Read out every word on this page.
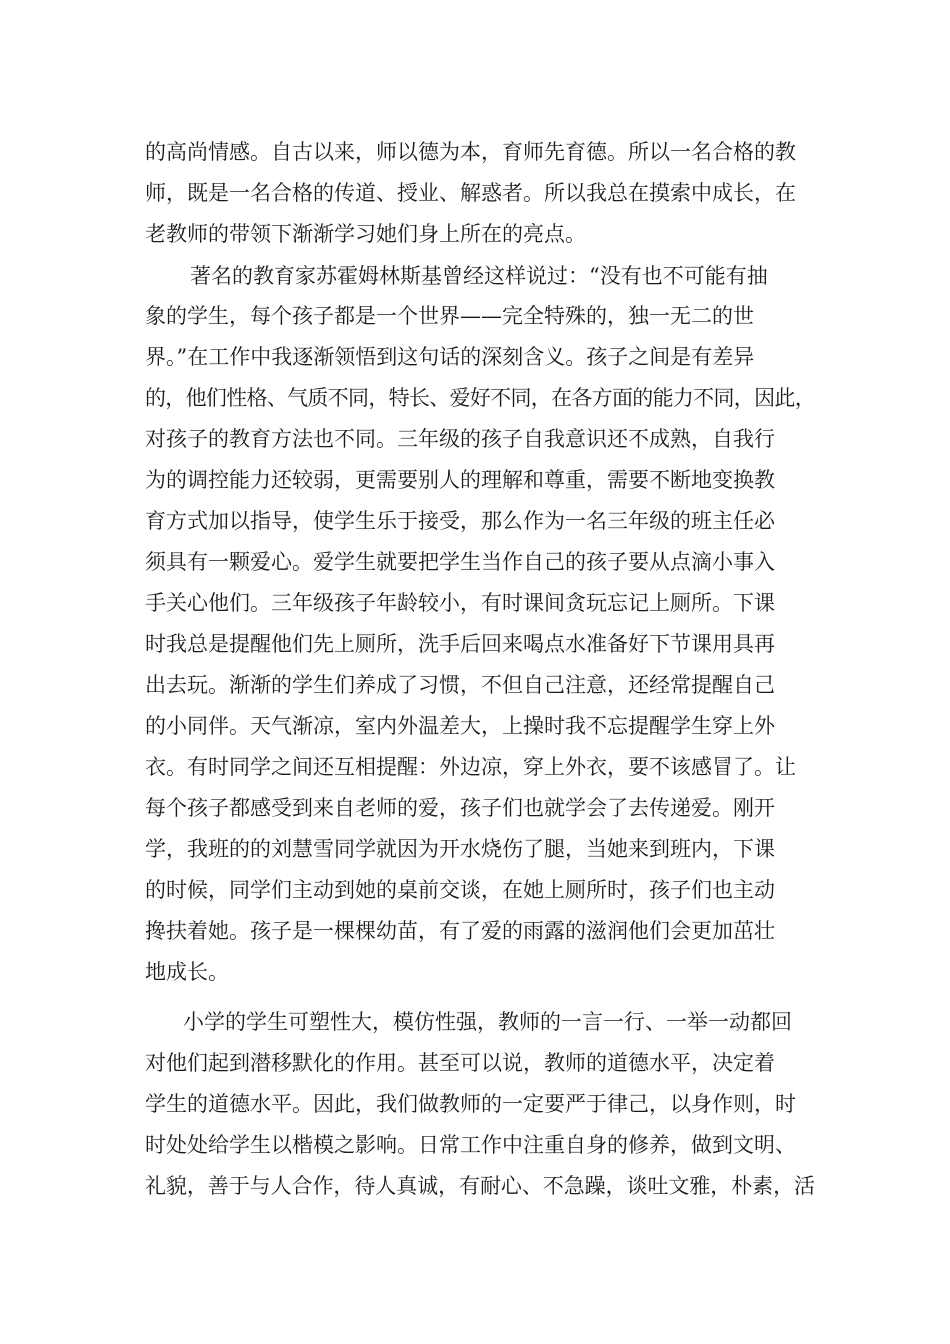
的高尚情感。自古以来，师以德为本，育师先育德。所以一名合格的教
师，既是一名合格的传道、授业、解惑者。所以我总在摸索中成长，在
老教师的带领下渐渐学习她们身上所在的亮点。
著名的教育家苏霍姆林斯基曾经这样说过：“没有也不可能有抽
象的学生，每个孩子都是一个世界——完全特殊的，独一无二的世
界。”在工作中我逐渐领悟到这句话的深刻含义。孩子之间是有差异
的，他们性格、气质不同，特长、爱好不同，在各方面的能力不同，因此，
对孩子的教育方法也不同。三年级的孩子自我意识还不成熟，自我行
为的调控能力还较弱，更需要别人的理解和尊重，需要不断地变换教
育方式加以指导，使学生乐于接受，那么作为一名三年级的班主任必
须具有一颗爱心。爱学生就要把学生当作自己的孩子要从点滴小事入
手关心他们。三年级孩子年龄较小，有时课间贪玩忘记上厕所。下课
时我总是提醒他们先上厕所，洗手后回来喝点水准备好下节课用具再
出去玩。渐渐的学生们养成了习惯，不但自己注意，还经常提醒自己
的小同伴。天气渐凉，室内外温差大，上操时我不忘提醒学生穿上外
衣。有时同学之间还互相提醒：外边凉，穿上外衣，要不该感冒了。让
每个孩子都感受到来自老师的爱，孩子们也就学会了去传递爱。刚开
学，我班的的刘慧雪同学就因为开水烧伤了腿，当她来到班内，下课
的时候，同学们主动到她的桌前交谈，在她上厕所时，孩子们也主动
搀扶着她。孩子是一棵棵幼苗，有了爱的雨露的滋润他们会更加茁壮
地成长。
小学的学生可塑性大，模仿性强，教师的一言一行、一举一动都回
对他们起到潜移默化的作用。甚至可以说，教师的道德水平，决定着
学生的道德水平。因此，我们做教师的一定要严于律己，以身作则，时
时处处给学生以楷模之影响。日常工作中注重自身的修养，做到文明、
礼貌，善于与人合作，待人真诚，有耐心、不急躁，谈吐文雅，朴素，活
